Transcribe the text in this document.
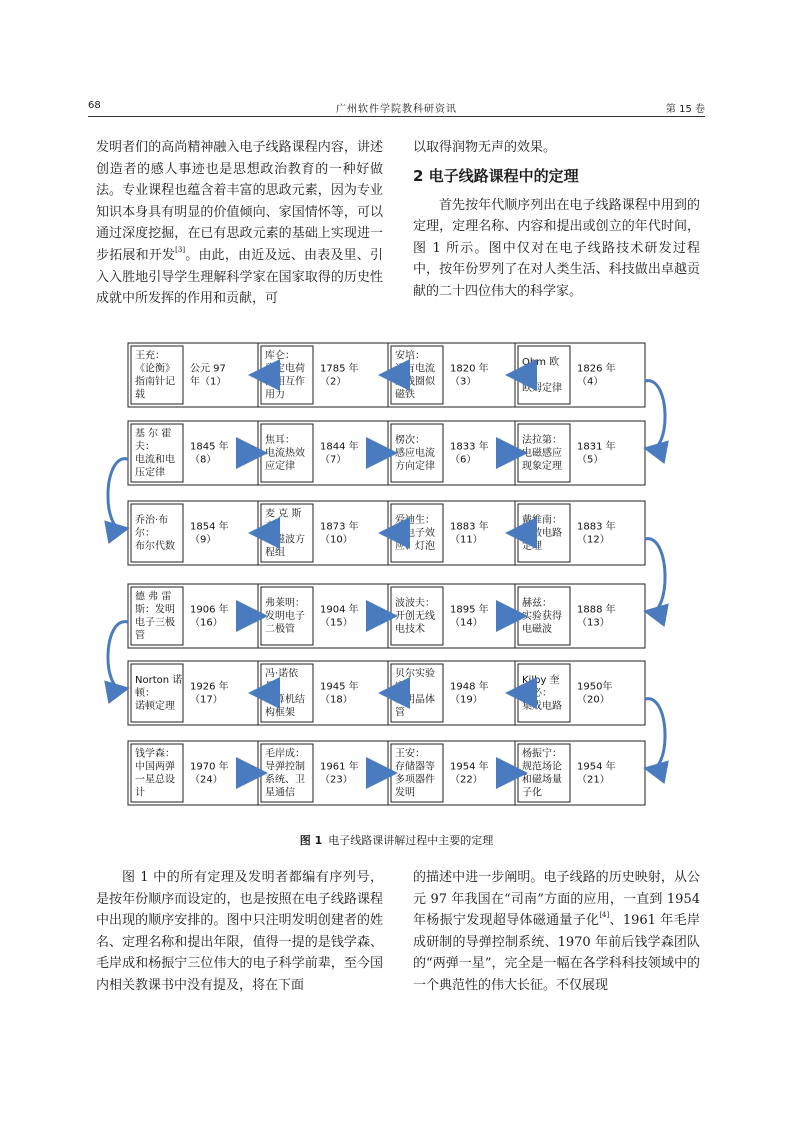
68	广州软件学院教科研资讯	第 15 卷

发明者们的高尚精神融入电子线路课程内容，讲述创造者的感人事迹也是思想政治教育的一种好做法。专业课程也蕴含着丰富的思政元素，因为专业知识本身具有明显的价值倾向、家国情怀等，可以通过深度挖掘，在已有思政元素的基础上实现进一步拓展和开发[3]。由此，由近及远、由表及里、引入入胜地引导学生理解科学家在国家取得的历史性成就中所发挥的作用和贡献，可

以取得润物无声的效果。

2 电子线路课程中的定理

首先按年代顺序列出在电子线路课程中用到的定理，定理名称、内容和提出或创立的年代时间，图 1 所示。图中仅对在电子线路技术研发过程中，按年份罗列了在对人类生活、科技做出卓越贡献的二十四位伟大的科学家。

王充：
《论衡》
指南针记
载
公元 97
年（1）
库仑：
确定电荷
间相互作
用力
1785 年
（2）
安培：
通有电流
的线圈似
磁铁
1820 年
（3）
Ohm 欧
姆：
欧姆定律
1826 年
（4）
基 尔 霍
夫：
电流和电
压定律
1845 年
（8）
焦耳：
电流热效
应定律
1844 年
（7）
楞次：
感应电流
方向定律
1833 年
（6）
法拉第：
电磁感应
现象定理
1831 年
（5）
乔治·布
尔：
布尔代数
1854 年
（9）
麦 克 斯
韦：
电磁波方
程组
1873 年
（10）
爱迪生：
热电子效
应、灯泡
1883 年
（11）
戴维南：
等效电路
定理
1883 年
（12）
德 弗 雷
斯：发明
电子三极
管
1906 年
（16）
弗莱明：
发明电子
二极管
1904 年
（15）
波波夫：
开创无线
电技术
1895 年
（14）
赫兹：
实验获得
电磁波
1888 年
（13）
Norton 诺
顿：
诺顿定理
1926 年
（17）
冯·诺依
曼：
计算机结
构框架
1945 年
（18）
贝尔实验
室：
发明晶体
管
1948 年
（19）
Kilby 奎
尔必：
集成电路
1950年
（20）
钱学森：
中国两弹
一星总设
计
1970 年
（24）
毛岸成：
导弹控制
系统、卫
星通信
1961 年
（23）
王安：
存储器等
多项器件
发明
1954 年
（22）
杨振宁：
规范场论
和磁场量
子化
1954 年
（21）
图 1 电子线路课讲解过程中主要的定理

图 1 中的所有定理及发明者都编有序列号，是按年份顺序而设定的，也是按照在电子线路课程中出现的顺序安排的。图中只注明发明创建者的姓名、定理名称和提出年限，值得一提的是钱学森、毛岸成和杨振宁三位伟大的电子科学前辈，至今国内相关教课书中没有提及，将在下面

的描述中进一步阐明。电子线路的历史映射，从公元 97 年我国在“司南”方面的应用，一直到 1954 年杨振宁发现超导体磁通量子化[4]、1961 年毛岸成研制的导弹控制系统、1970 年前后钱学森团队的“两弹一星”，完全是一幅在各学科科技领域中的一个典范性的伟大长征。不仅展现
